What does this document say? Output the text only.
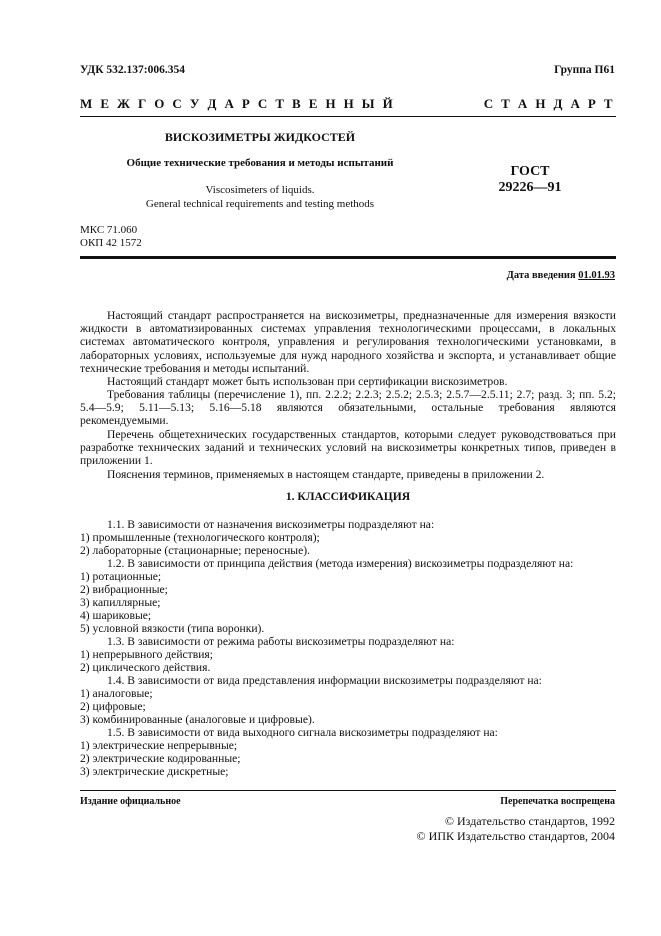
УДК 532.137:006.354	Группа П61
М Е Ж Г О С У Д А Р С Т В Е Н Н Ы Й	С Т А Н Д А Р Т
ВИСКОЗИМЕТРЫ ЖИДКОСТЕЙ
Общие технические требования и методы испытаний
Viscosimeters of liquids.
General technical requirements and testing methods
ГОСТ
29226—91
МКС 71.060
ОКП 42 1572
Дата введения 01.01.93

Настоящий стандарт распространяется на вискозиметры, предназначенные для измерения вязкости жидкости в автоматизированных системах управления технологическими процессами, в локальных системах автоматического контроля, управления и регулирования технологическими установками, в лабораторных условиях, используемые для нужд народного хозяйства и экспорта, и устанавливает общие технические требования и методы испытаний.

Настоящий стандарт может быть использован при сертификации вискозиметров.

Требования таблицы (перечисление 1), пп. 2.2.2; 2.2.3; 2.5.2; 2.5.3; 2.5.7—2.5.11; 2.7; разд. 3; пп. 5.2; 5.4—5.9; 5.11—5.13; 5.16—5.18 являются обязательными, остальные требования являются рекомендуемыми.

Перечень общетехнических государственных стандартов, которыми следует руководствоваться при разработке технических заданий и технических условий на вискозиметры конкретных типов, приведен в приложении 1.

Пояснения терминов, применяемых в настоящем стандарте, приведены в приложении 2.

1. КЛАССИФИКАЦИЯ

1.1. В зависимости от назначения вискозиметры подразделяют на:

1) промышленные (технологического контроля);

2) лабораторные (стационарные; переносные).

1.2. В зависимости от принципа действия (метода измерения) вискозиметры подразделяют на:

1) ротационные;

2) вибрационные;

3) капиллярные;

4) шариковые;

5) условной вязкости (типа воронки).

1.3. В зависимости от режима работы вискозиметры подразделяют на:

1) непрерывного действия;

2) циклического действия.

1.4. В зависимости от вида представления информации вискозиметры подразделяют на:

1) аналоговые;

2) цифровые;

3) комбинированные (аналоговые и цифровые).

1.5. В зависимости от вида выходного сигнала вискозиметры подразделяют на:

1) электрические непрерывные;

2) электрические кодированные;

3) электрические дискретные;

Издание официальное	Перепечатка воспрещена
© Издательство стандартов, 1992
© ИПК Издательство стандартов, 2004
